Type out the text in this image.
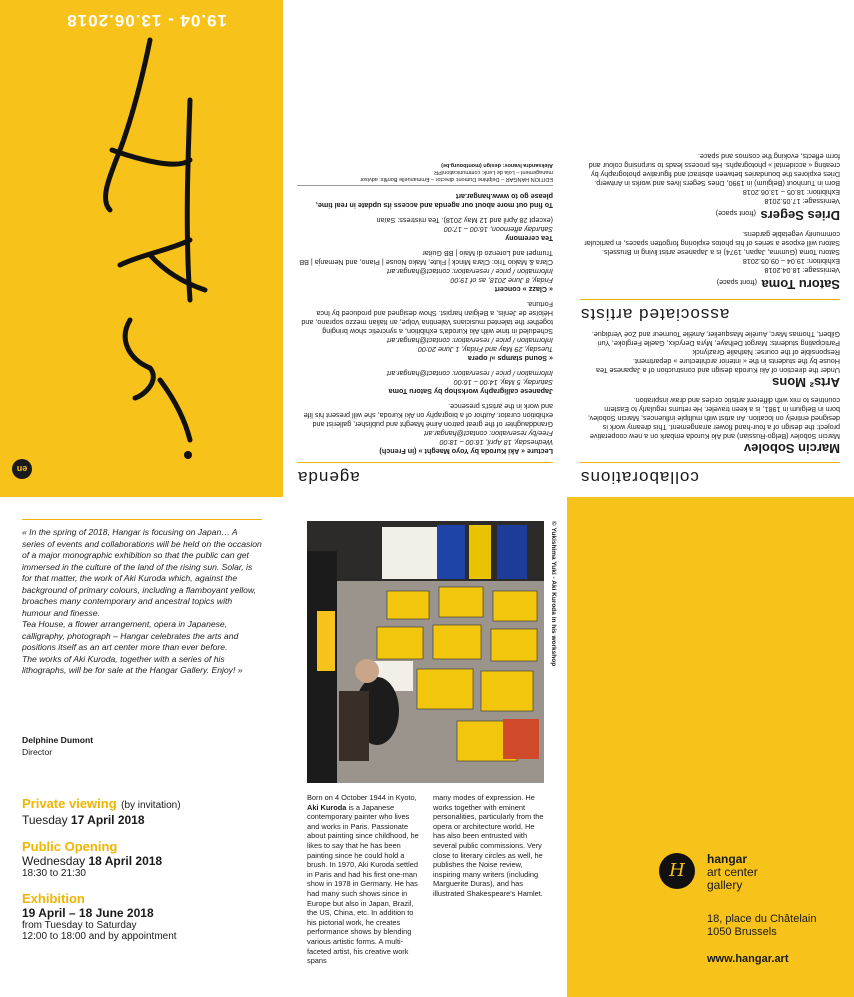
19.04 - 13.06.2018
en	agenda

Lecture « Aki Kuroda by Yoyo Maeght » (in French)

Wednesday, 18 April, 16:00 – 18:00

Free/by reservation: contact@hangar.art

Granddaughter of the great patron Aimé Maeght and publisher, gallerist and exhibition curator. Author of a biography on Aki Kuroda, she will present his life and work in the artist's presence.

Japanese calligraphy workshop by Satoru Toma

Saturday, 5 May, 14:00 – 16:00

Information / price / reservation: contact@hangar.art

« Sound stamps »/ opera

Tuesday, 29 May and Friday, 1 June 20:00

Information / price / reservation: contact@hangar.art

Scheduled in time with Aki Kuroda's exhibition, a syncretic show bringing together the talented musicians Valentina Volpe, an Italian mezzo soprano, and Héloïse de Jenlis, a Belgian harpist. Show designed and produced by Inca Fortuna.

« Clazz » concert

Friday, 8 June 2018, as of 19:00

Information / price / reservation: contact@hangar.art

Clara & Makio Trio: Clara Minck | Flute, Mako Nouse | Piano, and Nemanja | BB Trumpet and Lorenzo di Maio | BB Guitar

Tea ceremony

Saturday afternoon, 16:00 – 17:00

(except 28 April and 12 May 2018). Tea mistress: Saïan

To find out more about our agenda and access its update in real time, please go to www.hangar.art

EDITION HANGAR – Delphine Dumont: director – Emmanuelle Bonfils: advisor

management – Lola de Lenk: communication/PR

Aleksandra Ivanov: design (montbourg.be)

collaborations

Marcin Sobolev

Marcin Sobolev (Belgo-Russian) and Aki Kuroda embark on a new cooperative project: the design of a four-hand flower arrangement. This dreamy work is designed entirely on location. An artist with multiple influences, Marcin Sobolev, born in Belgium in 1981, is a keen traveler. He returns regularly to Eastern countries to mix with different artistic circles and draw inspiration.

Arts² Mons

Under the direction of Aki Kuroda design and construction of a Japanese Tea House by the students in the « interior architecture » department.

Responsible of the course: Nathalie Grazlynck

Participating students: Margot Delhaye, Myra Deryckx, Gaelle Fergloke, Yuri Gilbert, Thomas Marc, Aurélie Masquelier, Amélie Tourneur and Zoé Verdique.

associated artists

Satoru Toma (front space)

Vernissage: 18.04.2018

Exhibition: 19.04 – 09.05.2018

Satoru Toma (Gumma, Japan, 1974) is a Japanese artist living in Brussels. Satoru will expose a series of his photos exploring forgotten spaces, in particular community vegetable gardens.

Dries Segers (front space)

Vernissage: 17.05.2018

Exhibition: 18.05 – 13.06.2018

Born in Turnhout (Belgium) in 1990, Dries Segers lives and works in Antwerp. Dries explores the boundaries between abstract and figurative photography by creating « accidental » photographs. His process leads to surprising colour and form effects, evoking the cosmos and space.

« In the spring of 2018, Hangar is focusing on Japan… A series of events and collaborations will be held on the occasion of a major monographic exhibition so that the public can get immersed in the culture of the land of the rising sun. Solar, is for that matter, the work of Aki Kuroda which, against the background of primary colours, including a flamboyant yellow, broaches many contemporary and ancestral topics with humour and finesse.

Tea House, a flower arrangement, opera in Japanese, calligraphy, photograph – Hangar celebrates the arts and positions itself as an art center more than ever before.

The works of Aki Kuroda, together with a series of his lithographs, will be for sale at the Hangar Gallery. Enjoy! »

Delphine Dumont
Director
Private viewing (by invitation)
Tuesday 17 April 2018
Public Opening
Wednesday 18 April 2018
18:30 to 21:30
Exhibition
19 April – 18 June 2018
from Tuesday to Saturday
12:00 to 18:00 and by appointment
© Yukishima Yuki - Aki Kuroda in his workshop
Born on 4 October 1944 in Kyoto, Aki Kuroda is a Japanese contemporary painter who lives and works in Paris. Passionate about painting since childhood, he likes to say that he has been painting since he could hold a brush. In 1970, Aki Kuroda settled in Paris and had his first one-man show in 1978 in Germany. He has had many such shows since in Europe but also in Japan, Brazil, the US, China, etc. In addition to his pictorial work, he creates performance shows by blending various artistic forms. A multi-faceted artist, his creative work spans
many modes of expression. He works together with eminent personalities, particularly from the opera or architecture world. He has also been entrusted with several public commissions. Very close to literary circles as well, he publishes the Noise review, inspiring many writers (including Marguerite Duras), and has illustrated Shakespeare's Hamlet.
H
hangar
art center
gallery
18, place du Châtelain
1050 Brussels
www.hangar.art
